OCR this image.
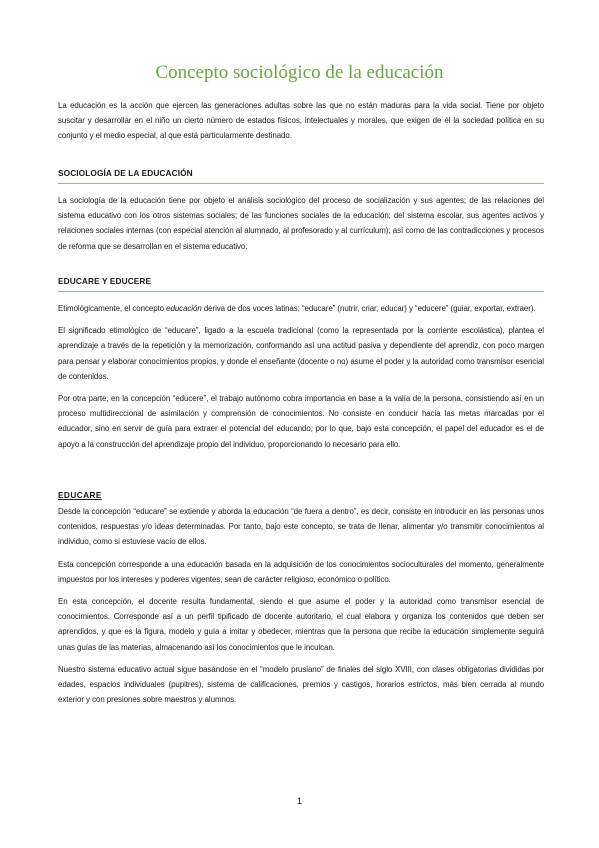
Concepto sociológico de la educación

La educación es la acción que ejercen las generaciones adultas sobre las que no están maduras para la vida social. Tiene por objeto suscitar y desarrollar en el niño un cierto número de estados físicos, intelectuales y morales, que exigen de él la sociedad política en su conjunto y el medio especial, al que está particularmente destinado.

SOCIOLOGÍA DE LA EDUCACIÓN

La sociología de la educación tiene por objeto el análisis sociológico del proceso de socialización y sus agentes; de las relaciones del sistema educativo con los otros sistemas sociales; de las funciones sociales de la educación; del sistema escolar, sus agentes activos y relaciones sociales internas (con especial atención al alumnado, al profesorado y al currículum); así como de las contradicciones y procesos de reforma que se desarrollan en el sistema educativo.

EDUCARE Y EDUCERE

Etimológicamente, el concepto educación deriva de dos voces latinas: “educare” (nutrir, criar, educar) y “educere” (guiar, exportar, extraer).

El significado etimológico de “educare”, ligado a la escuela tradicional (como la representada por la corriente escolástica), plantea el aprendizaje a través de la repetición y la memorización, conformando así una actitud pasiva y dependiente del aprendiz, con poco margen para pensar y elaborar conocimientos propios, y donde el enseñante (docente o no) asume el poder y la autoridad como transmisor esencial de contenidos.

Por otra parte, en la concepción “educere”, el trabajo autónomo cobra importancia en base a la valía de la persona, consistiendo así en un proceso multidireccional de asimilación y comprensión de conocimientos. No consiste en conducir hacia las metas marcadas por el educador, sino en servir de guía para extraer el potencial del educando; por lo que, bajo esta concepción, el papel del educador es el de apoyo a la construcción del aprendizaje propio del individuo, proporcionando lo necesario para ello.

EDUCARE

Desde la concepción “educare” se extiende y aborda la educación “de fuera a dentro”, es decir, consiste en introducir en las personas unos contenidos, respuestas y/o ideas determinadas. Por tanto, bajo este concepto, se trata de llenar, alimentar y/o transmitir conocimientos al individuo, como si estuviese vacío de ellos.

Esta concepción corresponde a una educación basada en la adquisición de los conocimientos socioculturales del momento, generalmente impuestos por los intereses y poderes vigentes, sean de carácter religioso, económico o político.

En esta concepción, el docente resulta fundamental, siendo el que asume el poder y la autoridad como transmisor esencial de conocimientos. Corresponde así a un perfil tipificado de docente autoritario, el cual elabora y organiza los contenidos que deben ser aprendidos, y que es la figura, modelo y guía a imitar y obedecer, mientras que la persona que recibe la educación simplemente seguirá unas guías de las materias, almacenando así los conocimientos que le inculcan.

Nuestro sistema educativo actual sigue basándose en el “modelo prusiano” de finales del siglo XVIII, con clases obligatorias divididas por edades, espacios individuales (pupitres), sistema de calificaciones, premios y castigos, horarios estrictos, más bien cerrada al mundo exterior y con presiones sobre maestros y alumnos.

1
